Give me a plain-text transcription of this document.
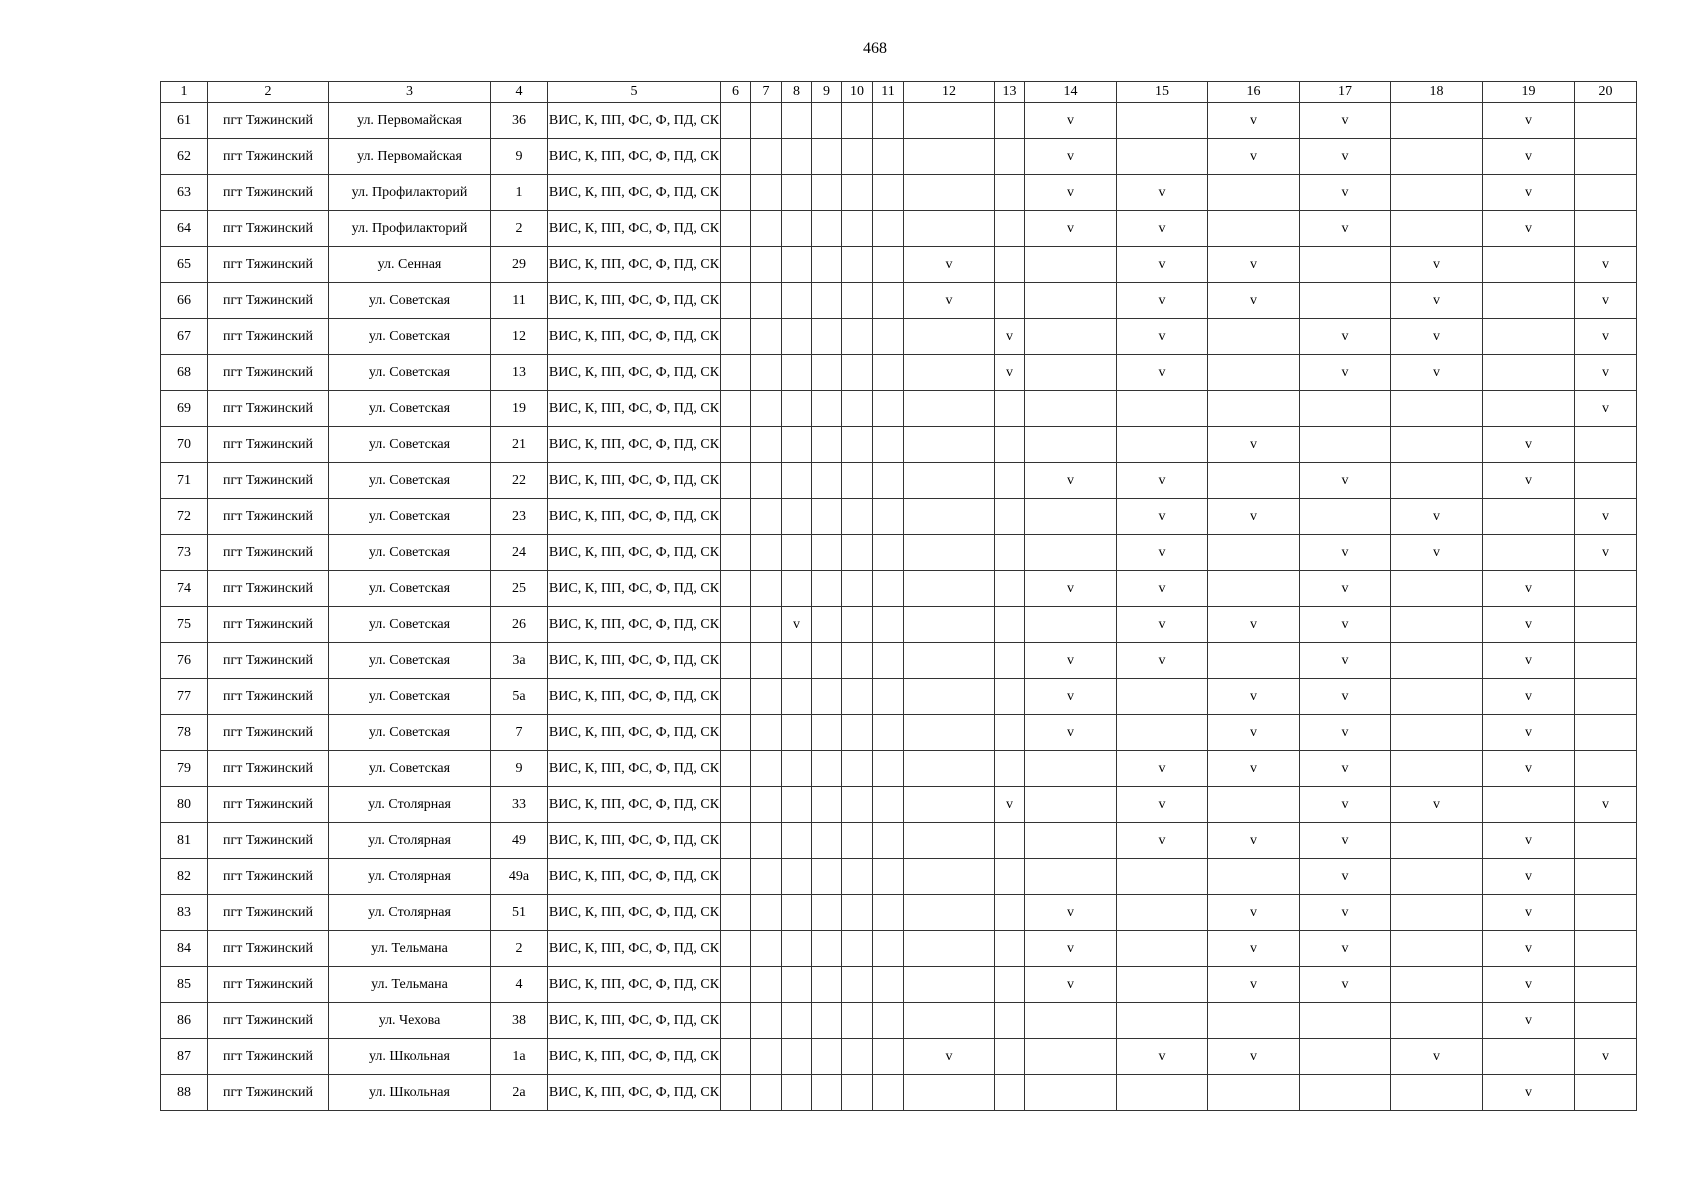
468
1	2	3	4	5	6	7	8	9	10	11	12	13	14	15	16	17	18	19	20
61	пгт Тяжинский	ул. Первомайская	36	ВИС, К, ПП, ФС, Ф, ПД, СК									v		v	v		v	
62	пгт Тяжинский	ул. Первомайская	9	ВИС, К, ПП, ФС, Ф, ПД, СК									v		v	v		v	
63	пгт Тяжинский	ул. Профилакторий	1	ВИС, К, ПП, ФС, Ф, ПД, СК									v	v		v		v	
64	пгт Тяжинский	ул. Профилакторий	2	ВИС, К, ПП, ФС, Ф, ПД, СК									v	v		v		v	
65	пгт Тяжинский	ул. Сенная	29	ВИС, К, ПП, ФС, Ф, ПД, СК							v			v	v		v		v
66	пгт Тяжинский	ул. Советская	11	ВИС, К, ПП, ФС, Ф, ПД, СК							v			v	v		v		v
67	пгт Тяжинский	ул. Советская	12	ВИС, К, ПП, ФС, Ф, ПД, СК								v		v		v	v		v
68	пгт Тяжинский	ул. Советская	13	ВИС, К, ПП, ФС, Ф, ПД, СК								v		v		v	v		v
69	пгт Тяжинский	ул. Советская	19	ВИС, К, ПП, ФС, Ф, ПД, СК															v
70	пгт Тяжинский	ул. Советская	21	ВИС, К, ПП, ФС, Ф, ПД, СК											v			v	
71	пгт Тяжинский	ул. Советская	22	ВИС, К, ПП, ФС, Ф, ПД, СК									v	v		v		v	
72	пгт Тяжинский	ул. Советская	23	ВИС, К, ПП, ФС, Ф, ПД, СК										v	v		v		v
73	пгт Тяжинский	ул. Советская	24	ВИС, К, ПП, ФС, Ф, ПД, СК										v		v	v		v
74	пгт Тяжинский	ул. Советская	25	ВИС, К, ПП, ФС, Ф, ПД, СК									v	v		v		v	
75	пгт Тяжинский	ул. Советская	26	ВИС, К, ПП, ФС, Ф, ПД, СК			v							v	v	v		v	
76	пгт Тяжинский	ул. Советская	3а	ВИС, К, ПП, ФС, Ф, ПД, СК									v	v		v		v	
77	пгт Тяжинский	ул. Советская	5а	ВИС, К, ПП, ФС, Ф, ПД, СК									v		v	v		v	
78	пгт Тяжинский	ул. Советская	7	ВИС, К, ПП, ФС, Ф, ПД, СК									v		v	v		v	
79	пгт Тяжинский	ул. Советская	9	ВИС, К, ПП, ФС, Ф, ПД, СК										v	v	v		v	
80	пгт Тяжинский	ул. Столярная	33	ВИС, К, ПП, ФС, Ф, ПД, СК								v		v		v	v		v
81	пгт Тяжинский	ул. Столярная	49	ВИС, К, ПП, ФС, Ф, ПД, СК										v	v	v		v	
82	пгт Тяжинский	ул. Столярная	49а	ВИС, К, ПП, ФС, Ф, ПД, СК												v		v	
83	пгт Тяжинский	ул. Столярная	51	ВИС, К, ПП, ФС, Ф, ПД, СК									v		v	v		v	
84	пгт Тяжинский	ул. Тельмана	2	ВИС, К, ПП, ФС, Ф, ПД, СК									v		v	v		v	
85	пгт Тяжинский	ул. Тельмана	4	ВИС, К, ПП, ФС, Ф, ПД, СК									v		v	v		v	
86	пгт Тяжинский	ул. Чехова	38	ВИС, К, ПП, ФС, Ф, ПД, СК														v	
87	пгт Тяжинский	ул. Школьная	1а	ВИС, К, ПП, ФС, Ф, ПД, СК							v			v	v		v		v
88	пгт Тяжинский	ул. Школьная	2а	ВИС, К, ПП, ФС, Ф, ПД, СК														v	
